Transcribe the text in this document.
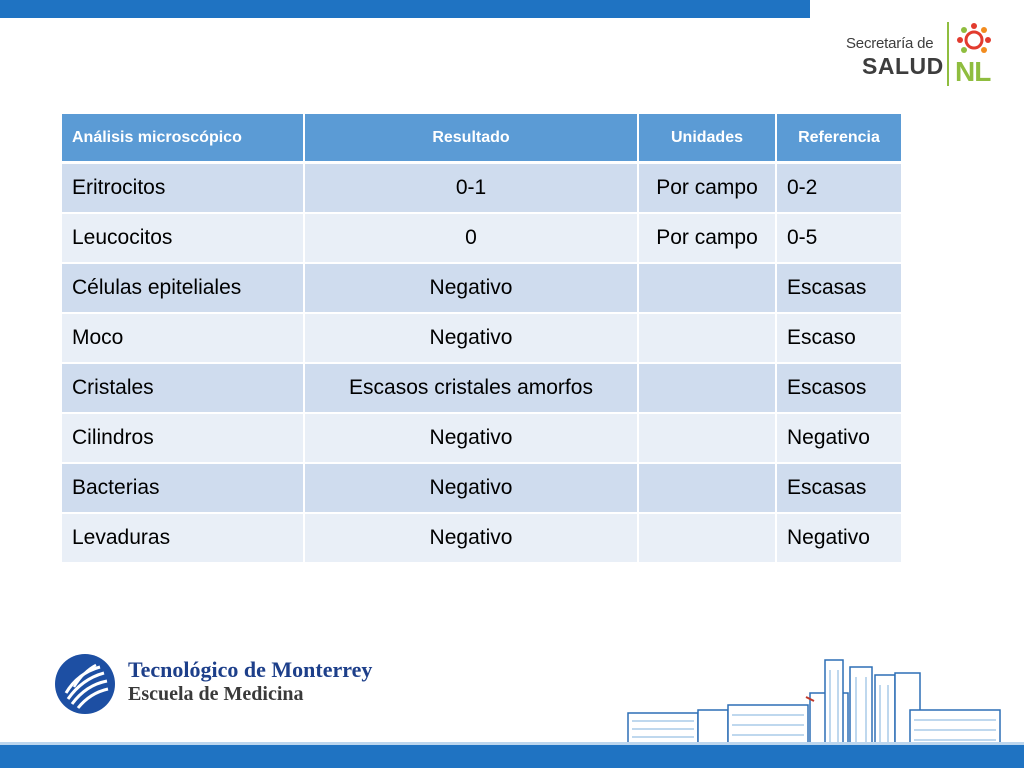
Secretaría de
SALUD NL
Análisis microscópico	Resultado	Unidades	Referencia
Eritrocitos	0-1	Por campo	0-2
Leucocitos	0	Por campo	0-5
Células epiteliales	Negativo		Escasas
Moco	Negativo		Escaso
Cristales	Escasos cristales amorfos		Escasos
Cilindros	Negativo		Negativo
Bacterias	Negativo		Escasas
Levaduras	Negativo		Negativo
Tecnológico de Monterrey
Escuela de Medicina
